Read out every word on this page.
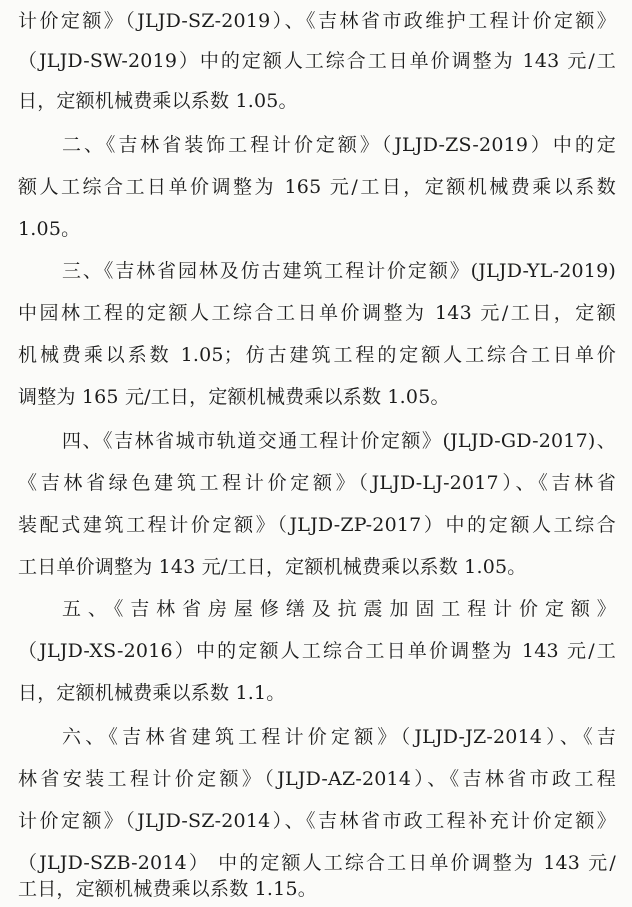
计价定额》（JLJD-SZ-2019）、《吉林省市政维护工程计价定额》
（JLJD-SW-2019）中的定额人工综合工日单价调整为 143 元/工
日，定额机械费乘以系数 1.05。
二、《吉林省装饰工程计价定额》（JLJD-ZS-2019）中的定
额人工综合工日单价调整为 165 元/工日，定额机械费乘以系数
1.05。
三、《吉林省园林及仿古建筑工程计价定额》(JLJD-YL-2019)
中园林工程的定额人工综合工日单价调整为 143 元/工日，定额
机械费乘以系数 1.05；仿古建筑工程的定额人工综合工日单价
调整为 165 元/工日，定额机械费乘以系数 1.05。
四、《吉林省城市轨道交通工程计价定额》(JLJD-GD-2017)、
《吉林省绿色建筑工程计价定额》（JLJD-LJ-2017）、《吉林省
装配式建筑工程计价定额》（JLJD-ZP-2017）中的定额人工综合
工日单价调整为 143 元/工日，定额机械费乘以系数 1.05。
五、《吉林省房屋修缮及抗震加固工程计价定额》
（JLJD-XS-2016）中的定额人工综合工日单价调整为 143 元/工
日，定额机械费乘以系数 1.1。
六、《吉林省建筑工程计价定额》（JLJD-JZ-2014）、《吉
林省安装工程计价定额》（JLJD-AZ-2014）、《吉林省市政工程
计价定额》（JLJD-SZ-2014）、《吉林省市政工程补充计价定额》
（JLJD-SZB-2014） 中的定额人工综合工日单价调整为 143 元/
工日，定额机械费乘以系数 1.15。
